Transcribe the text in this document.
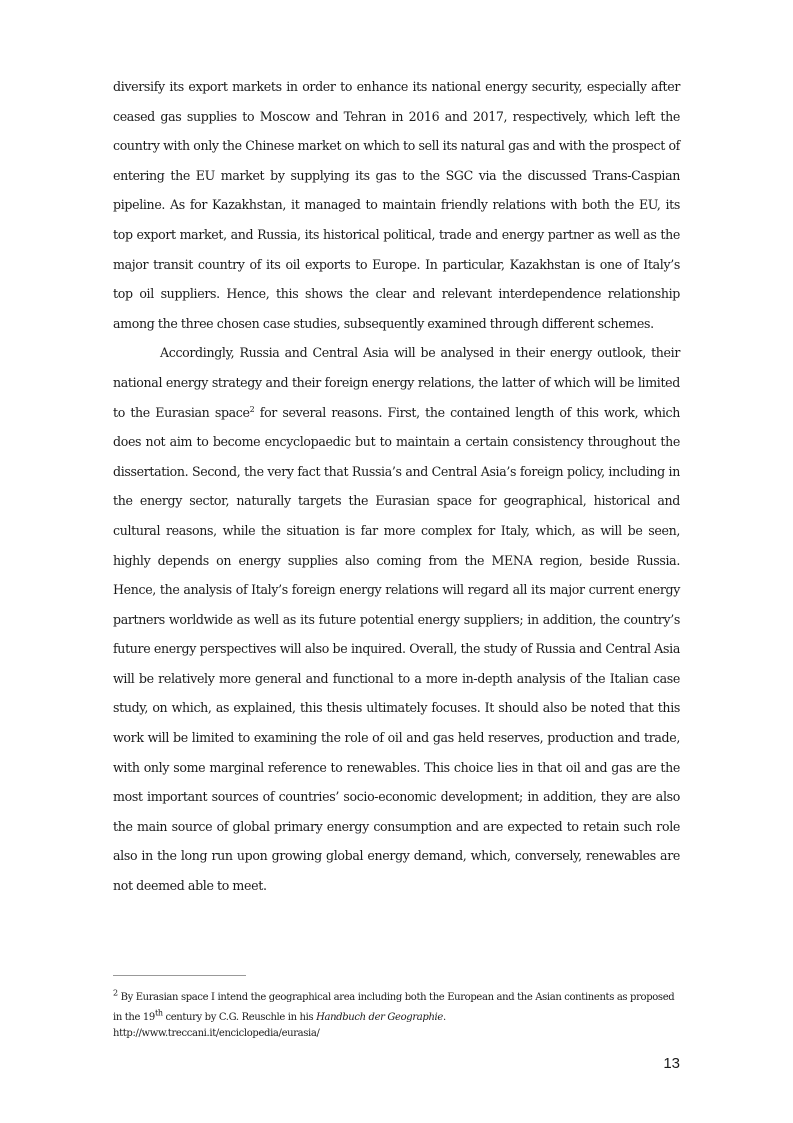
diversify its export markets in order to enhance its national energy security, especially after ceased gas supplies to Moscow and Tehran in 2016 and 2017, respectively, which left the country with only the Chinese market on which to sell its natural gas and with the prospect of entering the EU market by supplying its gas to the SGC via the discussed Trans-Caspian pipeline. As for Kazakhstan, it managed to maintain friendly relations with both the EU, its top export market, and Russia, its historical political, trade and energy partner as well as the major transit country of its oil exports to Europe. In particular, Kazakhstan is one of Italy’s top oil suppliers. Hence, this shows the clear and relevant interdependence relationship among the three chosen case studies, subsequently examined through different schemes.

Accordingly, Russia and Central Asia will be analysed in their energy outlook, their national energy strategy and their foreign energy relations, the latter of which will be limited to the Eurasian space$^2$ for several reasons. First, the contained length of this work, which does not aim to become encyclopaedic but to maintain a certain consistency throughout the dissertation. Second, the very fact that Russia’s and Central Asia’s foreign policy, including in the energy sector, naturally targets the Eurasian space for geographical, historical and cultural reasons, while the situation is far more complex for Italy, which, as will be seen, highly depends on energy supplies also coming from the MENA region, beside Russia. Hence, the analysis of Italy’s foreign energy relations will regard all its major current energy partners worldwide as well as its future potential energy suppliers; in addition, the country’s future energy perspectives will also be inquired. Overall, the study of Russia and Central Asia will be relatively more general and functional to a more in-depth analysis of the Italian case study, on which, as explained, this thesis ultimately focuses. It should also be noted that this work will be limited to examining the role of oil and gas held reserves, production and trade, with only some marginal reference to renewables. This choice lies in that oil and gas are the most important sources of countries’ socio-economic development; in addition, they are also the main source of global primary energy consumption and are expected to retain such role also in the long run upon growing global energy demand, which, conversely, renewables are not deemed able to meet.

$^2$ By Eurasian space I intend the geographical area including both the European and the Asian continents as proposed in the 19th century by C.G. Reuschle in his Handbuch der Geographie.
http://www.treccani.it/enciclopedia/eurasia/
13
